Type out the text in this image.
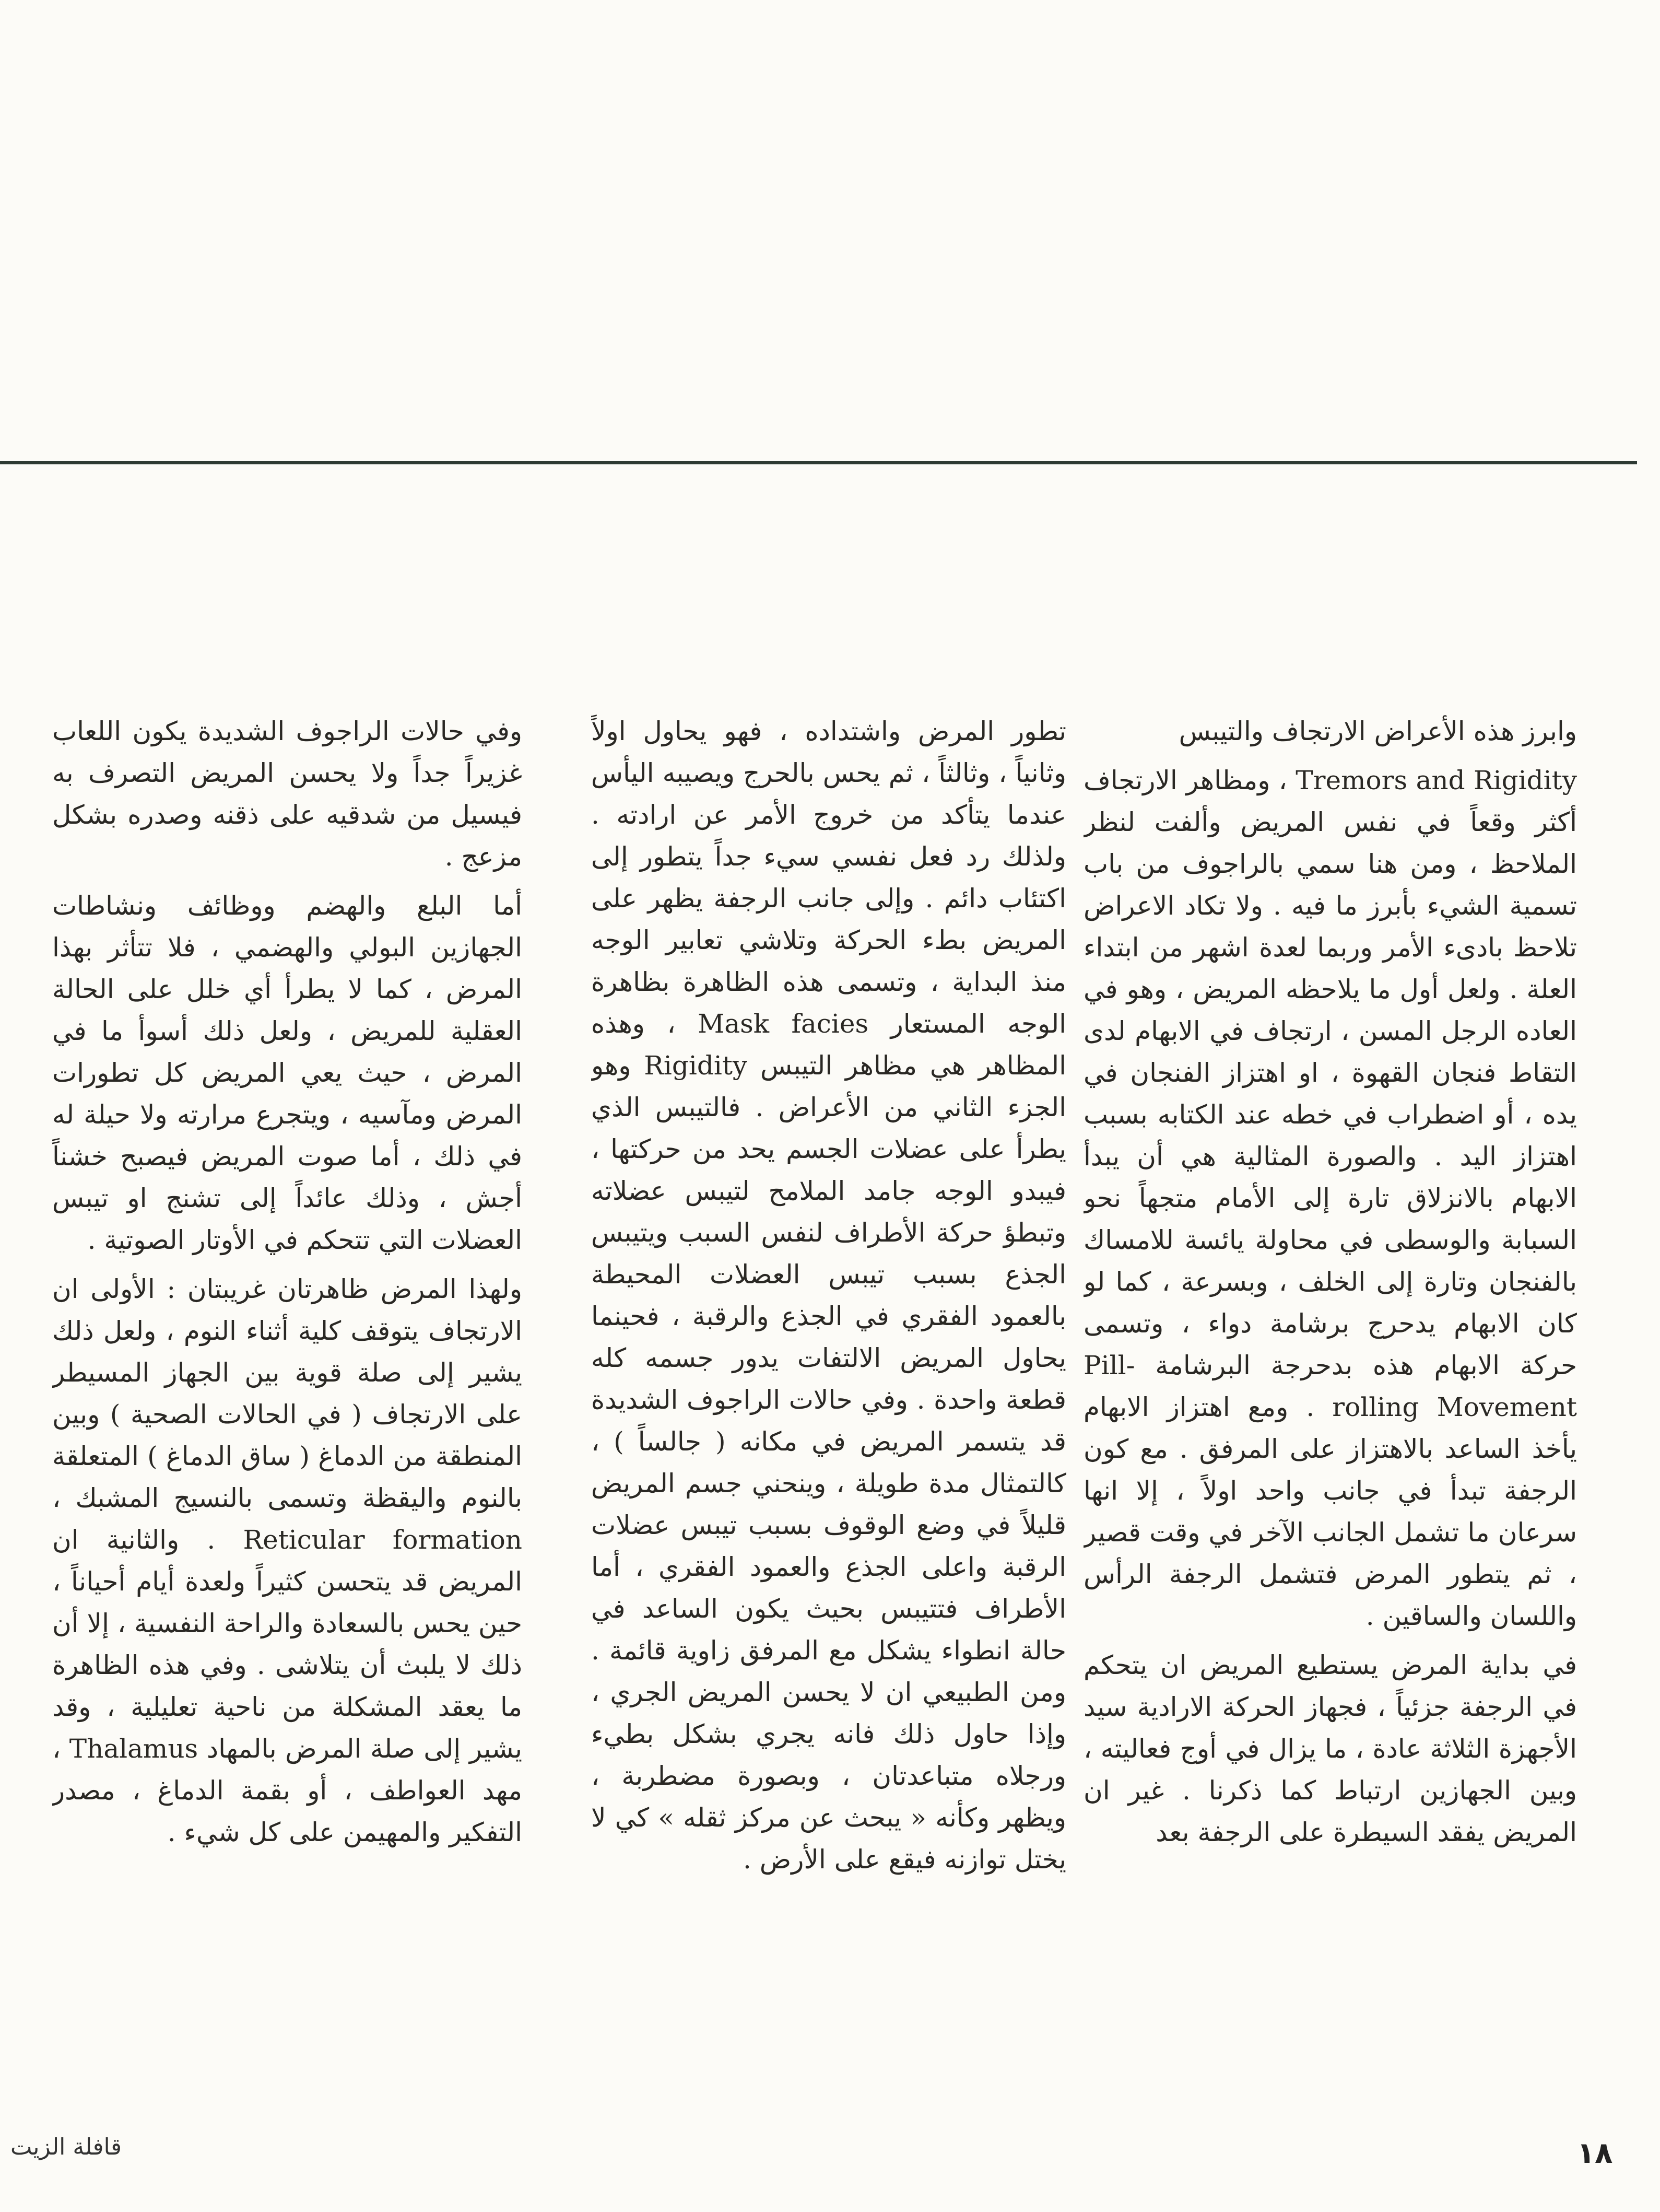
وابرز هذه الأعراض الارتجاف والتيبس

Tremors and Rigidity ، ومظاهر الارتجاف أكثر وقعاً في نفس المريض وألفت لنظر الملاحظ ، ومن هنا سمي بالراجوف من باب تسمية الشيء بأبرز ما فيه . ولا تكاد الاعراض تلاحظ بادىء الأمر وربما لعدة اشهر من ابتداء العلة . ولعل أول ما يلاحظه المريض ، وهو في العاده الرجل المسن ، ارتجاف في الابهام لدى التقاط فنجان القهوة ، او اهتزاز الفنجان في يده ، أو اضطراب في خطه عند الكتابه بسبب اهتزاز اليد . والصورة المثالية هي أن يبدأ الابهام بالانزلاق تارة إلى الأمام متجهاً نحو السبابة والوسطى في محاولة يائسة للامساك بالفنجان وتارة إلى الخلف ، وبسرعة ، كما لو كان الابهام يدحرج برشامة دواء ، وتسمى حركة الابهام هذه بدحرجة البرشامة Pill-rolling Movement . ومع اهتزاز الابهام يأخذ الساعد بالاهتزاز على المرفق . مع كون الرجفة تبدأ في جانب واحد اولاً ، إلا انها سرعان ما تشمل الجانب الآخر في وقت قصير ، ثم يتطور المرض فتشمل الرجفة الرأس واللسان والساقين .

في بداية المرض يستطيع المريض ان يتحكم في الرجفة جزئياً ، فجهاز الحركة الارادية سيد الأجهزة الثلاثة عادة ، ما يزال في أوج فعاليته ، وبين الجهازين ارتباط كما ذكرنا . غير ان المريض يفقد السيطرة على الرجفة بعد

تطور المرض واشتداده ، فهو يحاول اولاً وثانياً ، وثالثاً ، ثم يحس بالحرج ويصيبه اليأس عندما يتأكد من خروج الأمر عن ارادته . ولذلك رد فعل نفسي سيء جداً يتطور إلى اكتئاب دائم . وإلى جانب الرجفة يظهر على المريض بطء الحركة وتلاشي تعابير الوجه منذ البداية ، وتسمى هذه الظاهرة بظاهرة الوجه المستعار Mask facies ، وهذه المظاهر هي مظاهر التيبس Rigidity وهو الجزء الثاني من الأعراض . فالتيبس الذي يطرأ على عضلات الجسم يحد من حركتها ، فيبدو الوجه جامد الملامح لتيبس عضلاته وتبطؤ حركة الأطراف لنفس السبب ويتيبس الجذع بسبب تيبس العضلات المحيطة بالعمود الفقري في الجذع والرقبة ، فحينما يحاول المريض الالتفات يدور جسمه كله قطعة واحدة . وفي حالات الراجوف الشديدة قد يتسمر المريض في مكانه ( جالساً ) ، كالتمثال مدة طويلة ، وينحني جسم المريض قليلاً في وضع الوقوف بسبب تيبس عضلات الرقبة واعلى الجذع والعمود الفقري ، أما الأطراف فتتيبس بحيث يكون الساعد في حالة انطواء يشكل مع المرفق زاوية قائمة . ومن الطبيعي ان لا يحسن المريض الجري ، وإذا حاول ذلك فانه يجري بشكل بطيء ورجلاه متباعدتان ، وبصورة مضطربة ، ويظهر وكأنه « يبحث عن مركز ثقله » كي لا يختل توازنه فيقع على الأرض .

وفي حالات الراجوف الشديدة يكون اللعاب غزيراً جداً ولا يحسن المريض التصرف به فيسيل من شدقيه على ذقنه وصدره بشكل مزعج .

أما البلع والهضم ووظائف ونشاطات الجهازين البولي والهضمي ، فلا تتأثر بهذا المرض ، كما لا يطرأ أي خلل على الحالة العقلية للمريض ، ولعل ذلك أسوأ ما في المرض ، حيث يعي المريض كل تطورات المرض ومآسيه ، ويتجرع مرارته ولا حيلة له في ذلك ، أما صوت المريض فيصبح خشناً أجش ، وذلك عائداً إلى تشنج او تيبس العضلات التي تتحكم في الأوتار الصوتية .

ولهذا المرض ظاهرتان غريبتان : الأولى ان الارتجاف يتوقف كلية أثناء النوم ، ولعل ذلك يشير إلى صلة قوية بين الجهاز المسيطر على الارتجاف ( في الحالات الصحية ) وبين المنطقة من الدماغ ( ساق الدماغ ) المتعلقة بالنوم واليقظة وتسمى بالنسيج المشبك ، Reticular formation . والثانية ان المريض قد يتحسن كثيراً ولعدة أيام أحياناً ، حين يحس بالسعادة والراحة النفسية ، إلا أن ذلك لا يلبث أن يتلاشى . وفي هذه الظاهرة ما يعقد المشكلة من ناحية تعليلية ، وقد يشير إلى صلة المرض بالمهاد Thalamus ، مهد العواطف ، أو بقمة الدماغ ، مصدر التفكير والمهيمن على كل شيء .

١٨
قافلة الزيت
